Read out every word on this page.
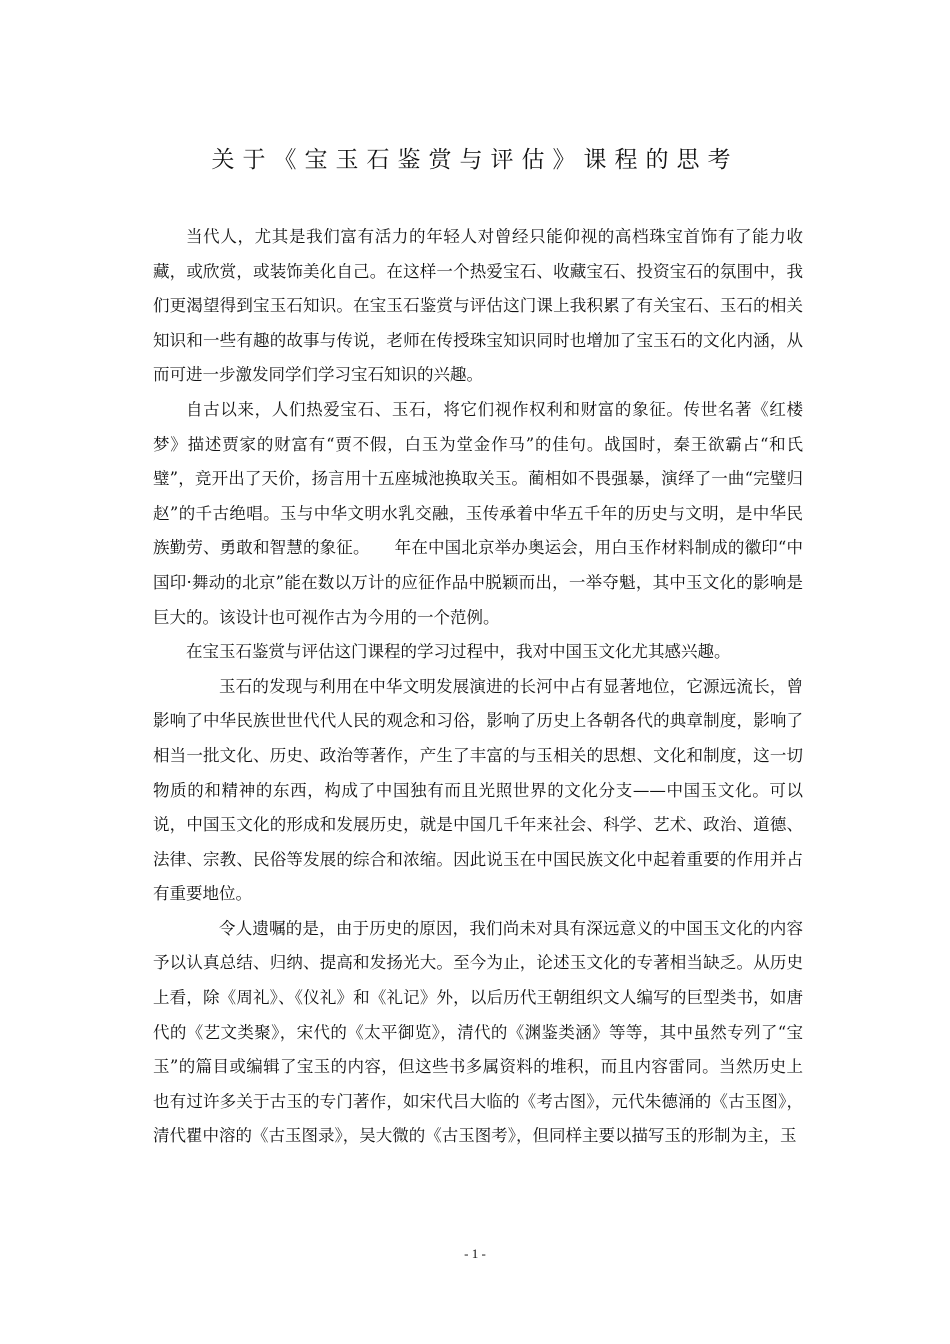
关于《宝玉石鉴赏与评估》课程的思考

当代人，尤其是我们富有活力的年轻人对曾经只能仰视的高档珠宝首饰有了能力收藏，或欣赏，或装饰美化自己。在这样一个热爱宝石、收藏宝石、投资宝石的氛围中，我们更渴望得到宝玉石知识。在宝玉石鉴赏与评估这门课上我积累了有关宝石、玉石的相关知识和一些有趣的故事与传说，老师在传授珠宝知识同时也增加了宝玉石的文化内涵，从而可进一步激发同学们学习宝石知识的兴趣。

自古以来，人们热爱宝石、玉石，将它们视作权利和财富的象征。传世名著《红楼梦》描述贾家的财富有“贾不假，白玉为堂金作马”的佳句。战国时，秦王欲霸占“和氏璧”，竞开出了天价，扬言用十五座城池换取关玉。蔺相如不畏强暴，演绎了一曲“完璧归赵”的千古绝唱。玉与中华文明水乳交融，玉传承着中华五千年的历史与文明，是中华民族勤劳、勇敢和智慧的象征。　　年在中国北京举办奥运会，用白玉作材料制成的徽印“中国印·舞动的北京”能在数以万计的应征作品中脱颖而出，一举夺魁，其中玉文化的影响是巨大的。该设计也可视作古为今用的一个范例。

在宝玉石鉴赏与评估这门课程的学习过程中，我对中国玉文化尤其感兴趣。

玉石的发现与利用在中华文明发展演进的长河中占有显著地位，它源远流长，曾影响了中华民族世世代代人民的观念和习俗，影响了历史上各朝各代的典章制度，影响了相当一批文化、历史、政治等著作，产生了丰富的与玉相关的思想、文化和制度，这一切物质的和精神的东西，构成了中国独有而且光照世界的文化分支——中国玉文化。可以说，中国玉文化的形成和发展历史，就是中国几千年来社会、科学、艺术、政治、道德、法律、宗教、民俗等发展的综合和浓缩。因此说玉在中国民族文化中起着重要的作用并占有重要地位。

令人遗嘱的是，由于历史的原因，我们尚未对具有深远意义的中国玉文化的内容予以认真总结、归纳、提高和发扬光大。至今为止，论述玉文化的专著相当缺乏。从历史上看，除《周礼》、《仪礼》和《礼记》外，以后历代王朝组织文人编写的巨型类书，如唐代的《艺文类聚》，宋代的《太平御览》，清代的《渊鉴类涵》等等，其中虽然专列了“宝玉”的篇目或编辑了宝玉的内容，但这些书多属资料的堆积，而且内容雷同。当然历史上也有过许多关于古玉的专门著作，如宋代吕大临的《考古图》，元代朱德涌的《古玉图》，清代瞿中溶的《古玉图录》，吴大微的《古玉图考》，但同样主要以描写玉的形制为主，玉

- 1 -
